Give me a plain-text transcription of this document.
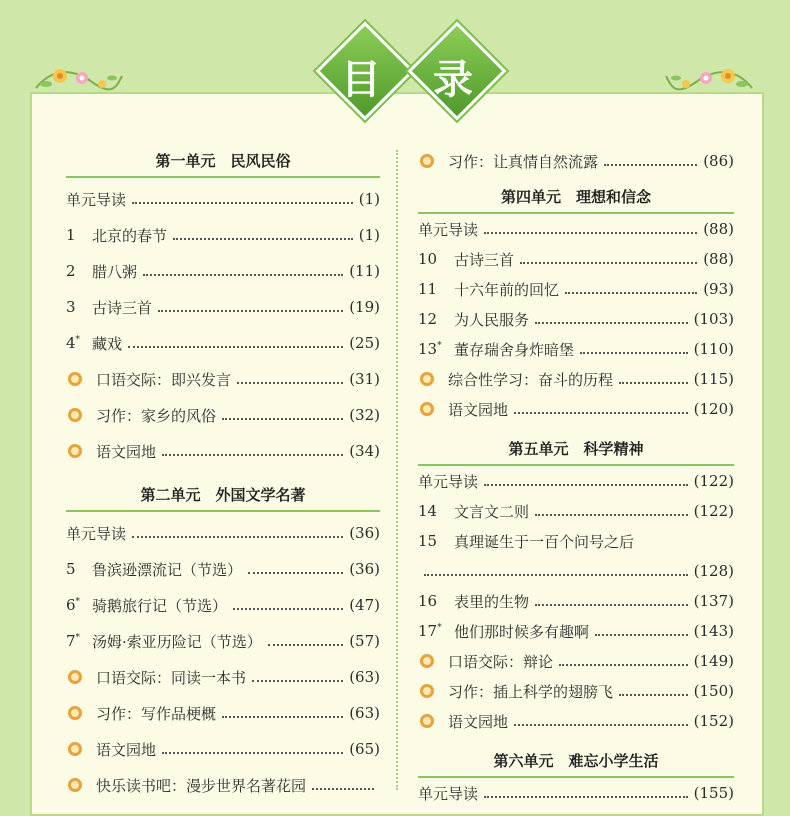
目	录
第一单元　民风民俗
单元导读	(1)
1	北京的春节	(1)
2	腊八粥	(11)
3	古诗三首	(19)
4* 藏戏	(25)
口语交际：即兴发言	(31)
习作：家乡的风俗	(32)
语文园地	(34)
第二单元　外国文学名著
单元导读	(36)
5	鲁滨逊漂流记（节选）	(36)
6* 骑鹅旅行记（节选）	(47)
7* 汤姆·索亚历险记（节选）	(57)
口语交际：同读一本书	(63)
习作：写作品梗概	(63)
语文园地	(65)
快乐读书吧：漫步世界名著花园
习作：让真情自然流露	(86)
第四单元　理想和信念
单元导读	(88)
10	古诗三首	(88)
11	十六年前的回忆	(93)
12	为人民服务	(103)
13* 董存瑞舍身炸暗堡	(110)
综合性学习：奋斗的历程	(115)
语文园地	(120)
第五单元　科学精神
单元导读	(122)
14	文言文二则	(122)
15	真理诞生于一百个问号之后
(128)
16	表里的生物	(137)
17* 他们那时候多有趣啊	(143)
口语交际：辩论	(149)
习作：插上科学的翅膀飞	(150)
语文园地	(152)
第六单元　难忘小学生活
单元导读	(155)
